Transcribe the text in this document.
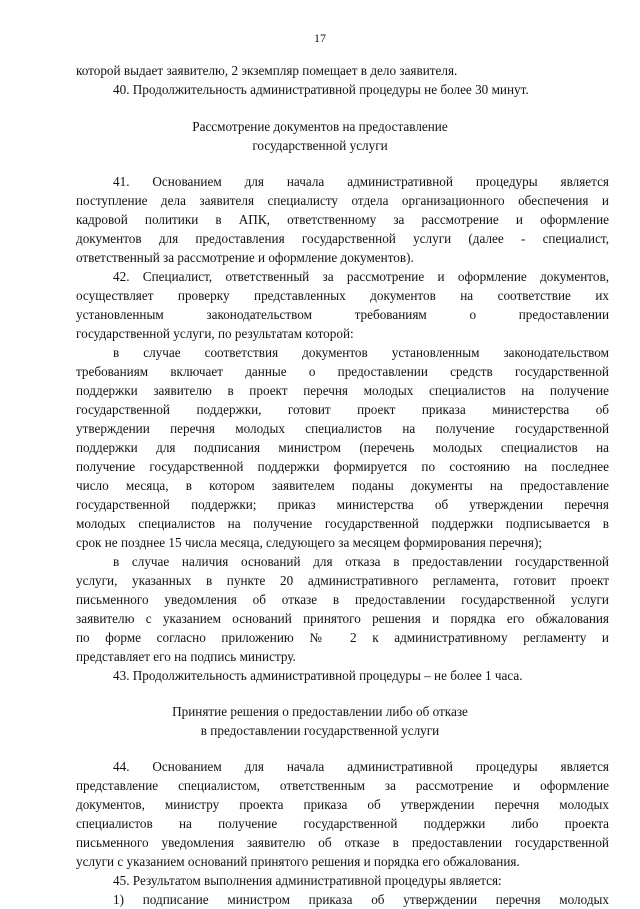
17
которой выдает заявителю, 2 экземпляр помещает в дело заявителя.
40. Продолжительность административной процедуры не более 30 минут.
Рассмотрение документов на предоставление
государственной услуги
41. Основанием для начала административной процедуры является
поступление дела заявителя специалисту отдела организационного обеспечения и
кадровой политики в АПК, ответственному за рассмотрение и оформление
документов для предоставления государственной услуги (далее - специалист,
ответственный за рассмотрение и оформление документов).
42. Специалист, ответственный за рассмотрение и оформление документов,
осуществляет проверку представленных документов на соответствие их
установленным законодательством требованиям о предоставлении
государственной услуги, по результатам которой:
в случае соответствия документов установленным законодательством
требованиям включает данные о предоставлении средств государственной
поддержки заявителю в проект перечня молодых специалистов на получение
государственной поддержки, готовит проект приказа министерства об
утверждении перечня молодых специалистов на получение государственной
поддержки для подписания министром (перечень молодых специалистов на
получение государственной поддержки формируется по состоянию на последнее
число месяца, в котором заявителем поданы документы на предоставление
государственной поддержки; приказ министерства об утверждении перечня
молодых специалистов на получение государственной поддержки подписывается в
срок не позднее 15 числа месяца, следующего за месяцем формирования перечня);
в случае наличия оснований для отказа в предоставлении государственной
услуги, указанных в пункте 20 административного регламента, готовит проект
письменного уведомления об отказе в предоставлении государственной услуги
заявителю с указанием оснований принятого решения и порядка его обжалования
по форме согласно приложению № 2 к административному регламенту и
представляет его на подпись министру.
43. Продолжительность административной процедуры – не более 1 часа.
Принятие решения о предоставлении либо об отказе
в предоставлении государственной услуги
44. Основанием для начала административной процедуры является
представление специалистом, ответственным за рассмотрение и оформление
документов, министру проекта приказа об утверждении перечня молодых
специалистов на получение государственной поддержки либо проекта
письменного уведомления заявителю об отказе в предоставлении государственной
услуги с указанием оснований принятого решения и порядка его обжалования.
45. Результатом выполнения административной процедуры является:
1) подписание министром приказа об утверждении перечня молодых
